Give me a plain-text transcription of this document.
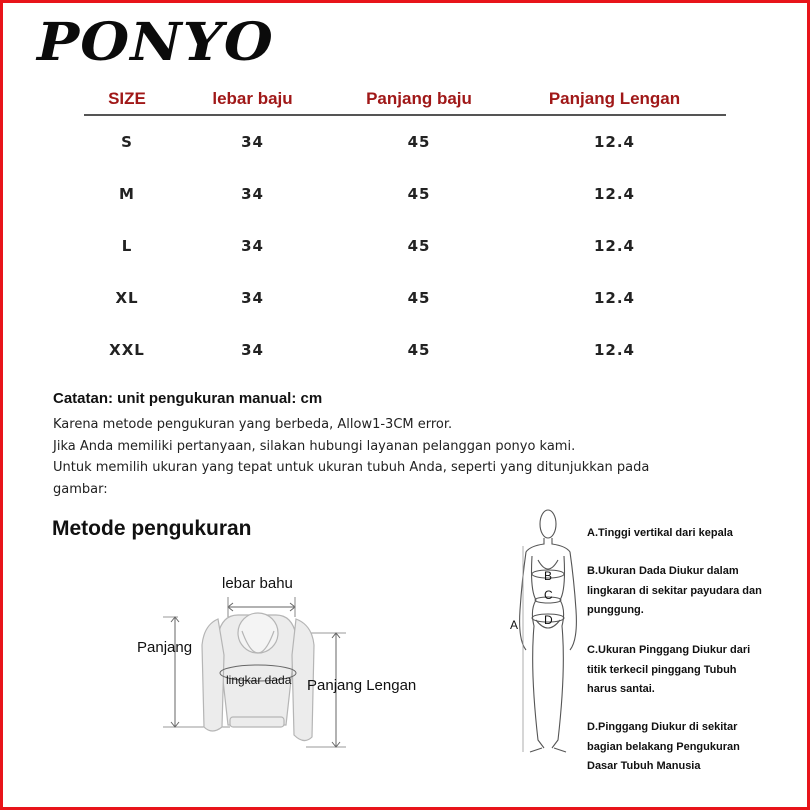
PONYO
SIZE	lebar baju	Panjang baju	Panjang Lengan
S	34	45	12.4
M	34	45	12.4
L	34	45	12.4
XL	34	45	12.4
XXL	34	45	12.4
Catatan: unit pengukuran manual: cm
Karena metode pengukuran yang berbeda, Allow1-3CM error.
Jika Anda memiliki pertanyaan, silakan hubungi layanan pelanggan ponyo kami.
Untuk memilih ukuran yang tepat untuk ukuran tubuh Anda, seperti yang ditunjukkan pada
gambar:
Metode pengukuran
lebar bahu
Panjang
lingkar dada Panjang Lengan
B
C
A D
A.Tinggi vertikal dari kepala
B.Ukuran Dada Diukur dalam
lingkaran di sekitar payudara dan
punggung.
C.Ukuran Pinggang Diukur dari
titik terkecil pinggang Tubuh
harus santai.
D.Pinggang Diukur di sekitar
bagian belakang Pengukuran
Dasar Tubuh Manusia
